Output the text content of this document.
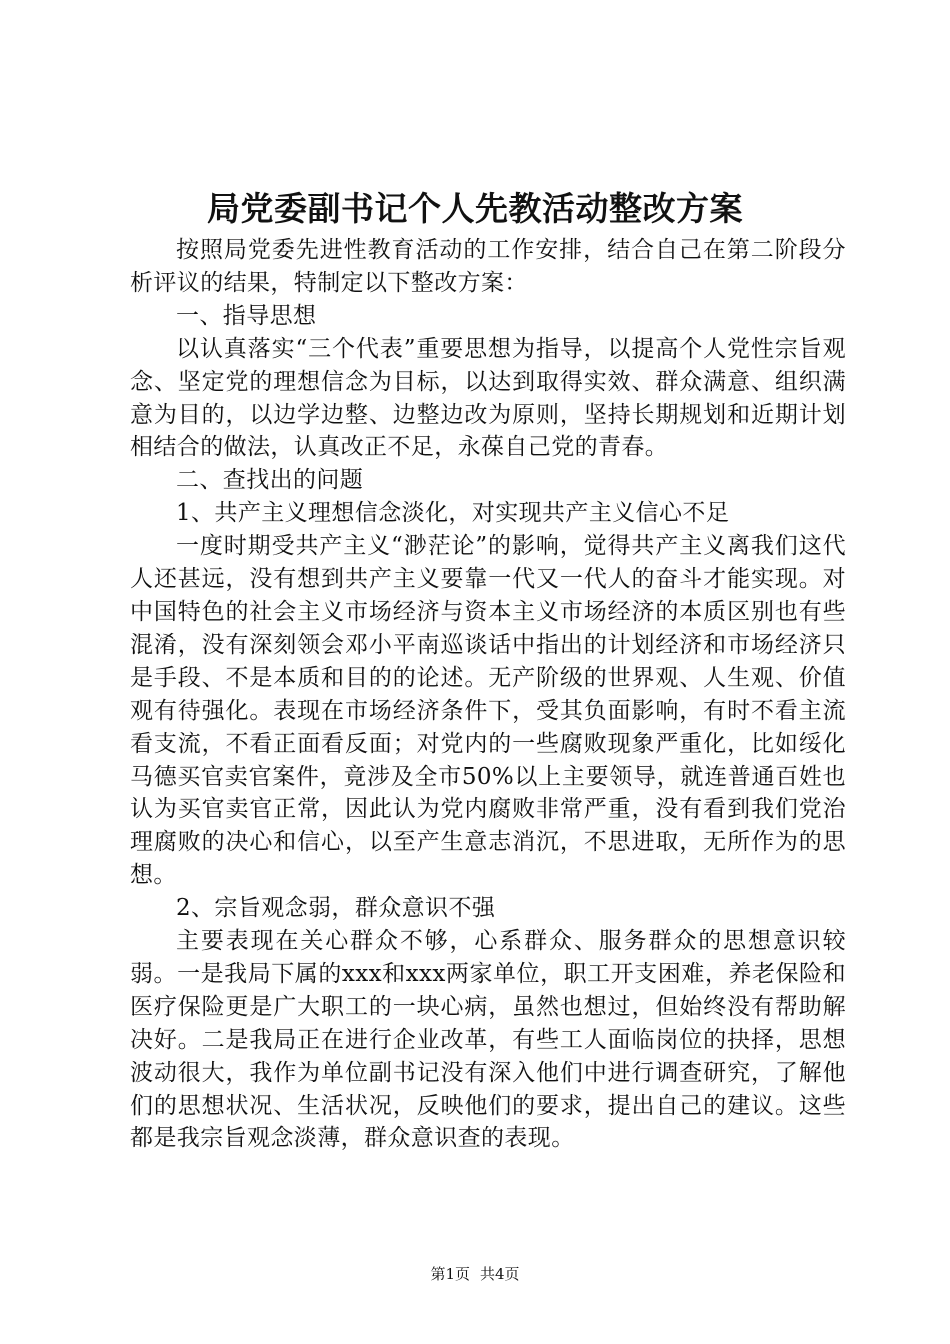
局党委副书记个人先教活动整改方案

按照局党委先进性教育活动的工作安排，结合自己在第二阶段分析评议的结果，特制定以下整改方案：

一、指导思想

以认真落实“三个代表”重要思想为指导，以提高个人党性宗旨观念、坚定党的理想信念为目标，以达到取得实效、群众满意、组织满意为目的，以边学边整、边整边改为原则，坚持长期规划和近期计划相结合的做法，认真改正不足，永葆自己党的青春。

二、查找出的问题

1、共产主义理想信念淡化，对实现共产主义信心不足

一度时期受共产主义“渺茫论”的影响，觉得共产主义离我们这代人还甚远，没有想到共产主义要靠一代又一代人的奋斗才能实现。对中国特色的社会主义市场经济与资本主义市场经济的本质区别也有些混淆，没有深刻领会邓小平南巡谈话中指出的计划经济和市场经济只是手段、不是本质和目的的论述。无产阶级的世界观、人生观、价值观有待强化。表现在市场经济条件下，受其负面影响，有时不看主流看支流，不看正面看反面；对党内的一些腐败现象严重化，比如绥化马德买官卖官案件，竟涉及全市50%以上主要领导，就连普通百姓也认为买官卖官正常，因此认为党内腐败非常严重，没有看到我们党治理腐败的决心和信心，以至产生意志消沉，不思进取，无所作为的思想。

2、宗旨观念弱，群众意识不强

主要表现在关心群众不够，心系群众、服务群众的思想意识较弱。一是我局下属的xxx和xxx两家单位，职工开支困难，养老保险和医疗保险更是广大职工的一块心病，虽然也想过，但始终没有帮助解决好。二是我局正在进行企业改革，有些工人面临岗位的抉择，思想波动很大，我作为单位副书记没有深入他们中进行调查研究，了解他们的思想状况、生活状况，反映他们的要求，提出自己的建议。这些都是我宗旨观念淡薄，群众意识查的表现。

第1页 共4页
